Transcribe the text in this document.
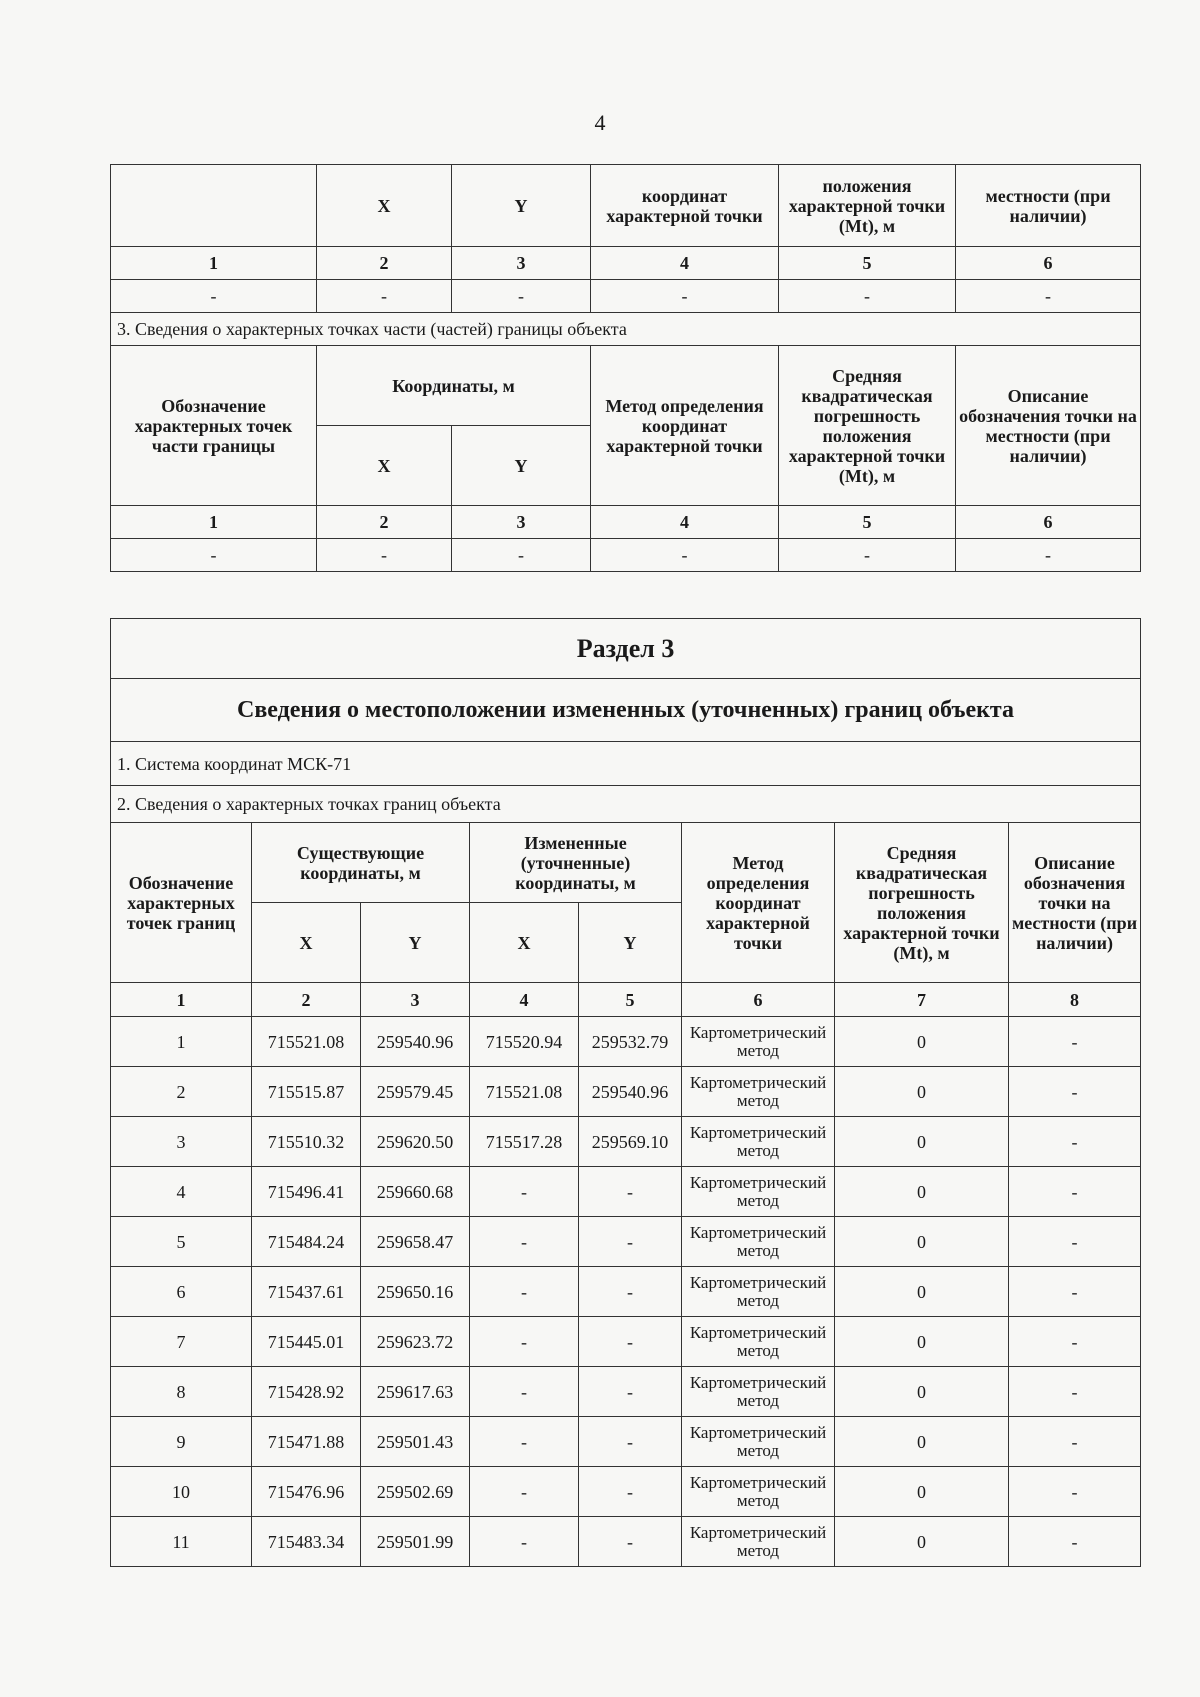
4
	X	Y	координат характерной точки	положения характерной точки (Mt), м	местности (при наличии)
1	2	3	4	5	6
-	-	-	-	-	-
3. Сведения о характерных точках части (частей) границы объекта					
Обозначение характерных точек части границы	Координаты, м		Метод определения координат характерной точки	Средняя квадратическая погрешность положения характерной точки (Mt), м	Описание обозначения точки на местности (при наличии)
	X	Y			
1	2	3	4	5	6
-	-	-	-	-	-
Раздел 3							
Сведения о местоположении измененных (уточненных) границ объекта							
1. Система координат МСК-71							
2. Сведения о характерных точках границ объекта							
Обозначение характерных точек границ	Существующие координаты, м		Измененные (уточненные) координаты, м		Метод определения координат характерной точки	Средняя квадратическая погрешность положения характерной точки (Mt), м	Описание обозначения точки на местности (при наличии)
	X	Y	X	Y			
1	2	3	4	5	6	7	8
1	715521.08	259540.96	715520.94	259532.79	Картометрический метод	0	-
2	715515.87	259579.45	715521.08	259540.96	Картометрический метод	0	-
3	715510.32	259620.50	715517.28	259569.10	Картометрический метод	0	-
4	715496.41	259660.68	-	-	Картометрический метод	0	-
5	715484.24	259658.47	-	-	Картометрический метод	0	-
6	715437.61	259650.16	-	-	Картометрический метод	0	-
7	715445.01	259623.72	-	-	Картометрический метод	0	-
8	715428.92	259617.63	-	-	Картометрический метод	0	-
9	715471.88	259501.43	-	-	Картометрический метод	0	-
10	715476.96	259502.69	-	-	Картометрический метод	0	-
11	715483.34	259501.99	-	-	Картометрический метод	0	-
